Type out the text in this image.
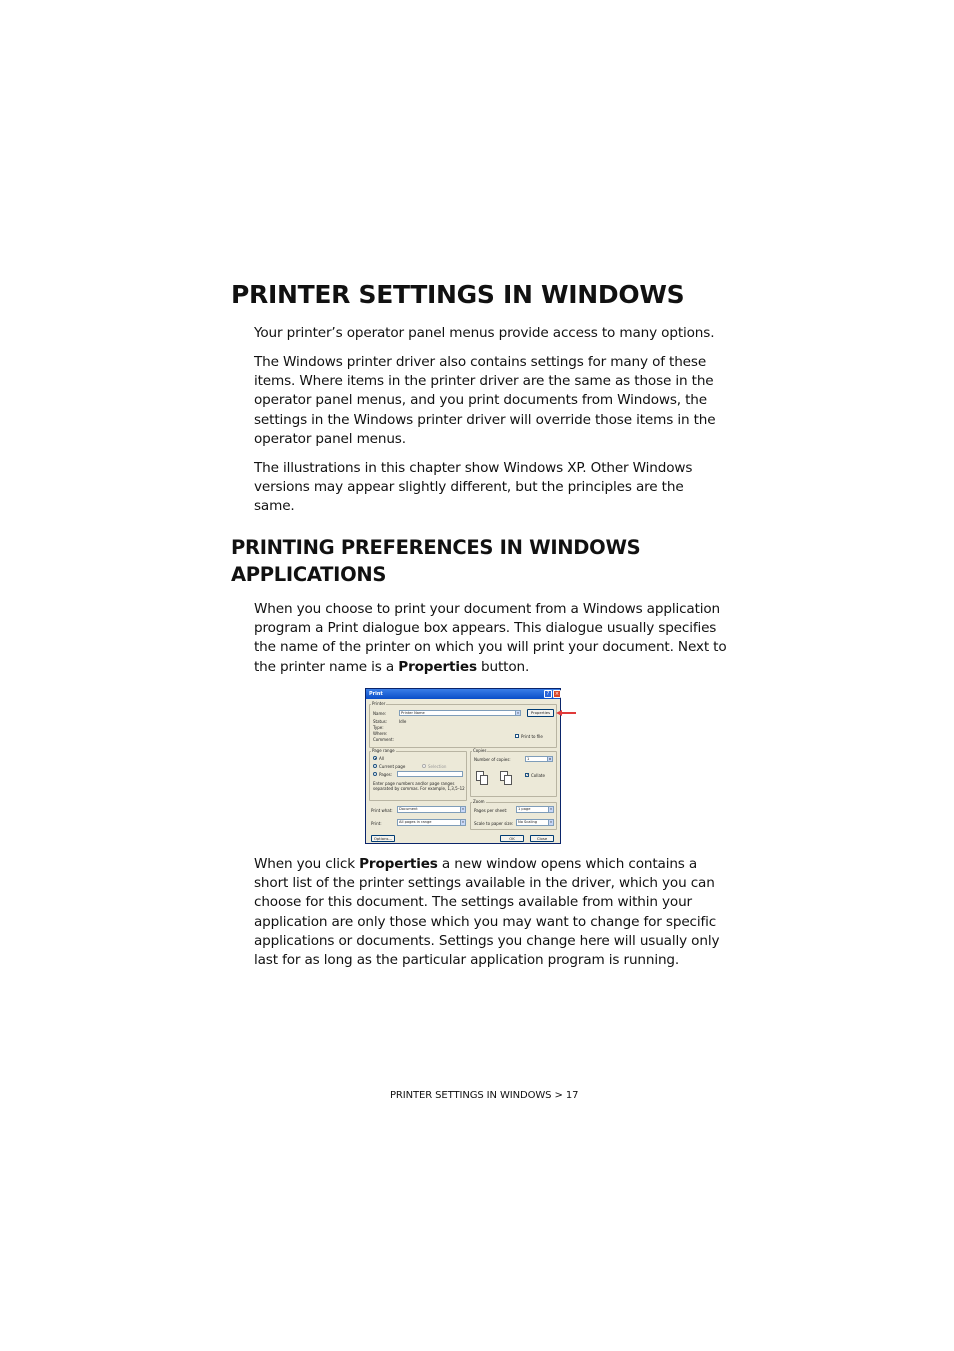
PRINTER SETTINGS IN WINDOWS

Your printer’s operator panel menus provide access to many options.

The Windows printer driver also contains settings for many of these items. Where items in the printer driver are the same as those in the operator panel menus, and you print documents from Windows, the settings in the Windows printer driver will override those items in the operator panel menus.

The illustrations in this chapter show Windows XP. Other Windows versions may appear slightly different, but the principles are the same.

PRINTING PREFERENCES IN WINDOWS APPLICATIONS

When you choose to print your document from a Windows application program a Print dialogue box appears. This dialogue usually specifies the name of the printer on which you will print your document. Next to the printer name is a Properties button.

Print	?	×
Printer
Name:	Printer Name	▾	Properties
Status:	Idle
Type:
Where:
Comment:
Print to file
Page range
All
Current page	Selection
Pages:
Enter page numbers and/or page ranges separated by commas. For example, 1,3,5–12
Copies
Number of copies:	1	⬍
✓ Collate
Print what:	Document	▾
Print:	All pages in range	▾
Zoom
Pages per sheet:	1 page	▾
Scale to paper size:	No Scaling	▾
Options...	OK	Close

When you click Properties a new window opens which contains a short list of the printer settings available in the driver, which you can choose for this document. The settings available from within your application are only those which you may want to change for specific applications or documents. Settings you change here will usually only last for as long as the particular application program is running.

PRINTER SETTINGS IN WINDOWS > 17
